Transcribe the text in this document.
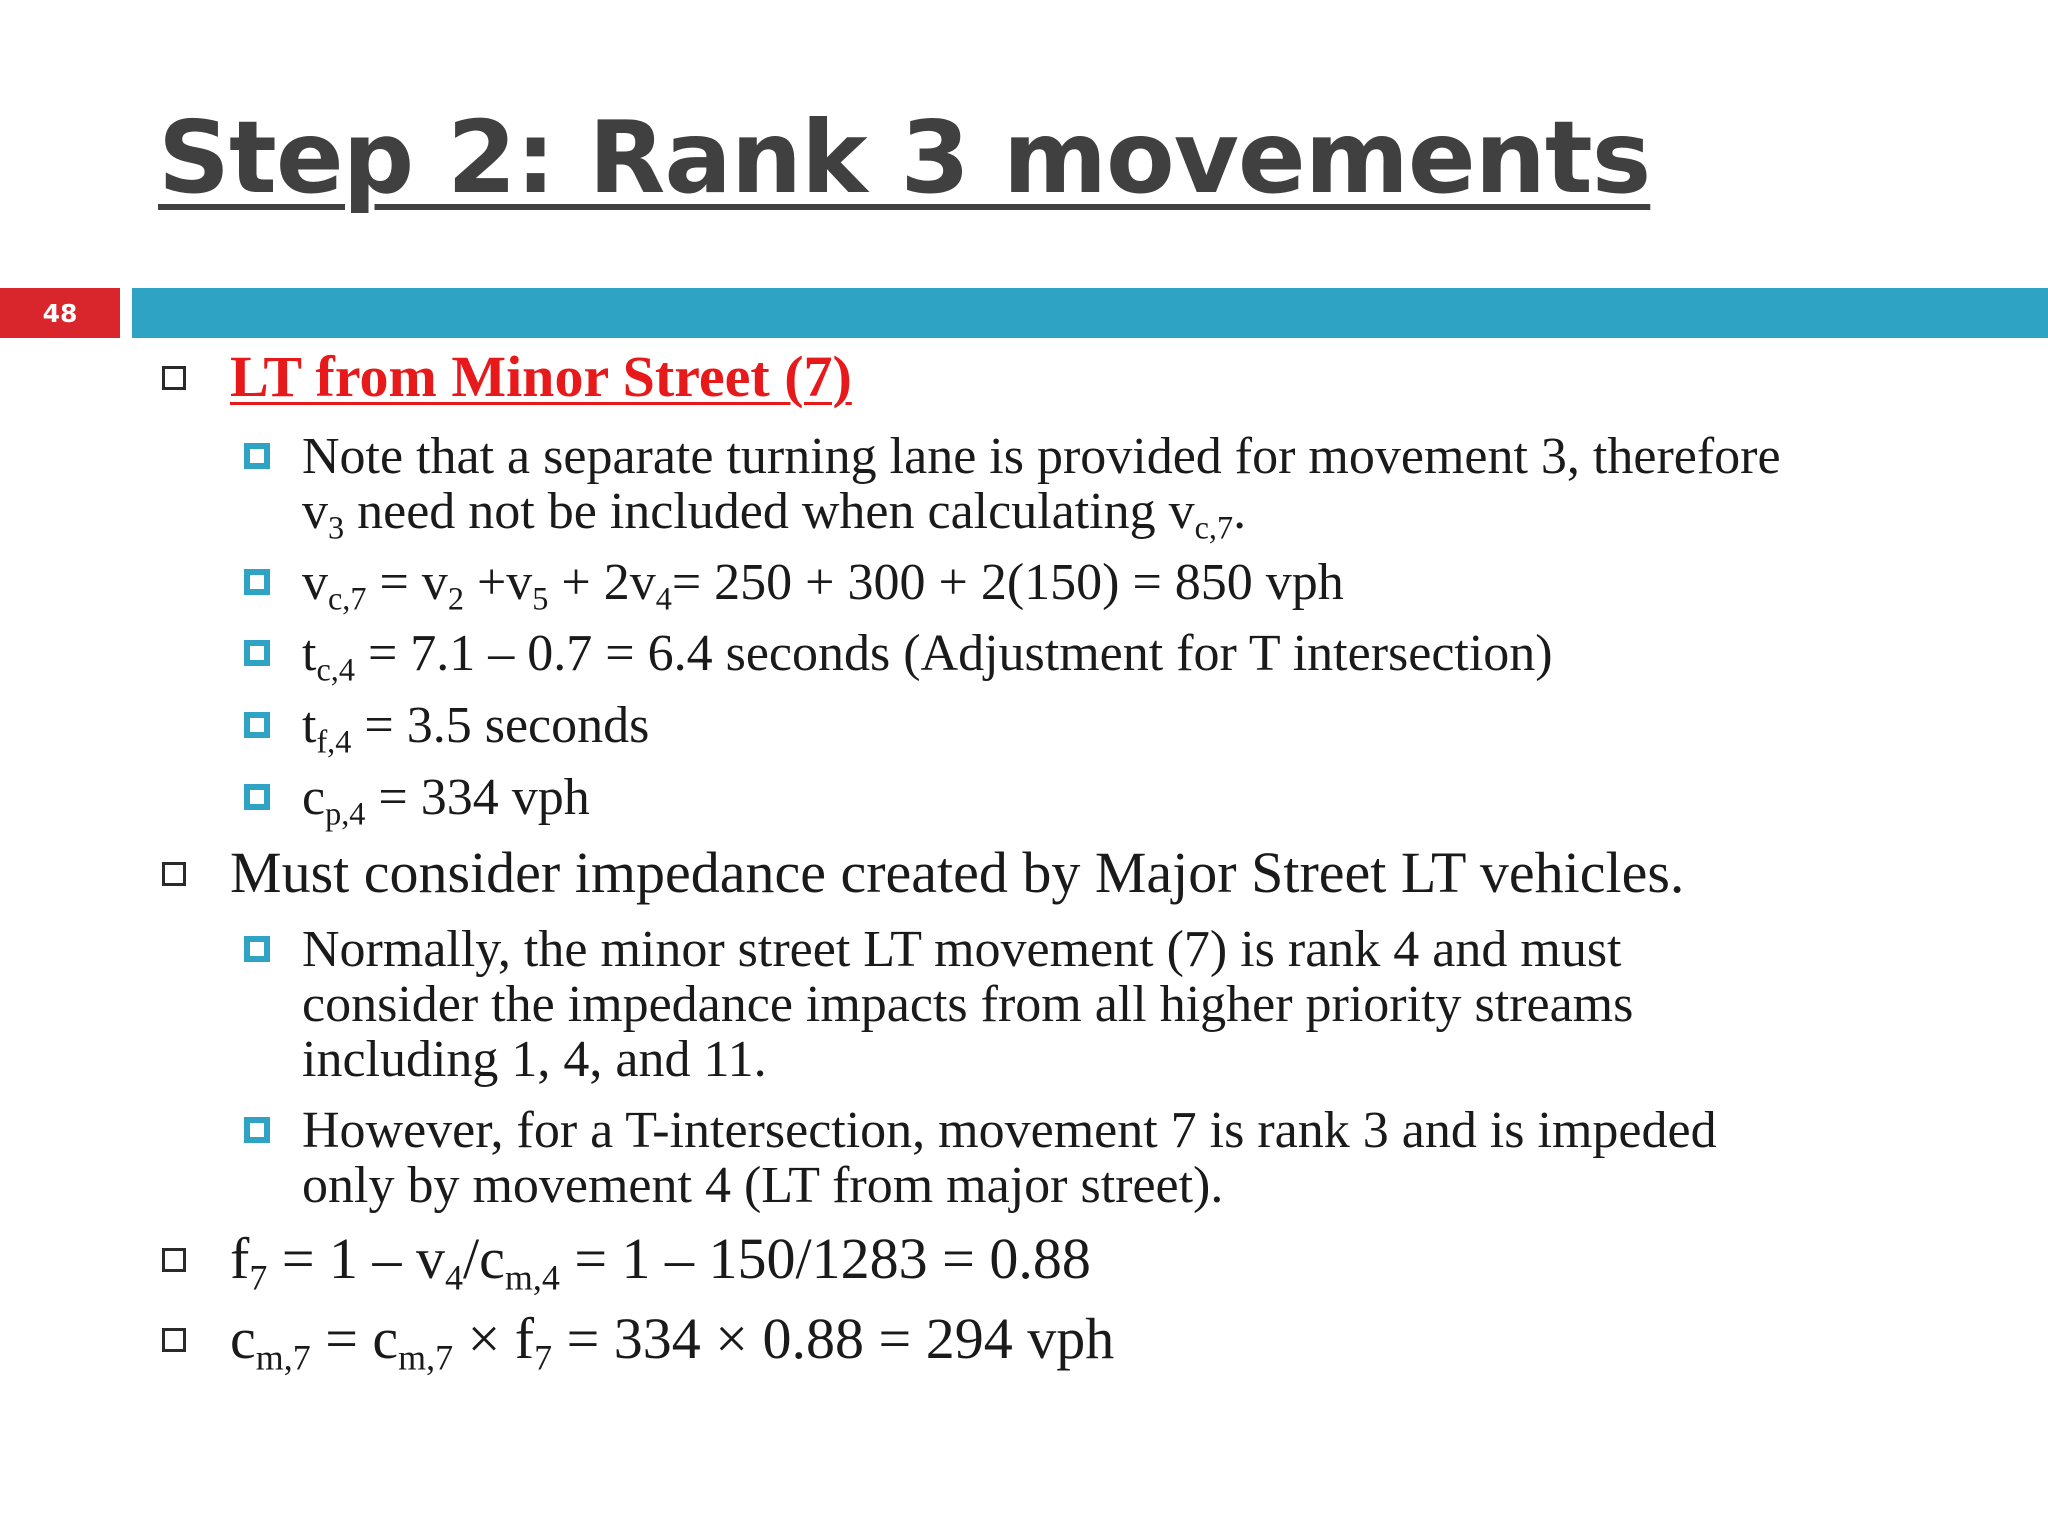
Step 2: Rank 3 movements
48
LT from Minor Street (7)
Note that a separate turning lane is provided for movement 3, therefore
$v_3$ need not be included when calculating $v_{c,7}$.
$v_{c,7} = v_2 +v_5 + 2v_4= 250 + 300 + 2(150) = 850$ vph
$t_{c,4} = 7.1 - 0.7 = 6.4$ seconds (Adjustment for T intersection)
$t_{f,4} = 3.5$ seconds
$c_{p,4} = 334$ vph
Must consider impedance created by Major Street LT vehicles.
Normally, the minor street LT movement (7) is rank 4 and must
consider the impedance impacts from all higher priority streams
including 1, 4, and 11.
However, for a T-intersection, movement 7 is rank 3 and is impeded
only by movement 4 (LT from major street).
$f_7 = 1 - v_4/c_{m,4} = 1 - 150/1283 = 0.88$
$c_{m,7} = c_{m,7} \times f_7 = 334 \times 0.88 = 294$ vph
